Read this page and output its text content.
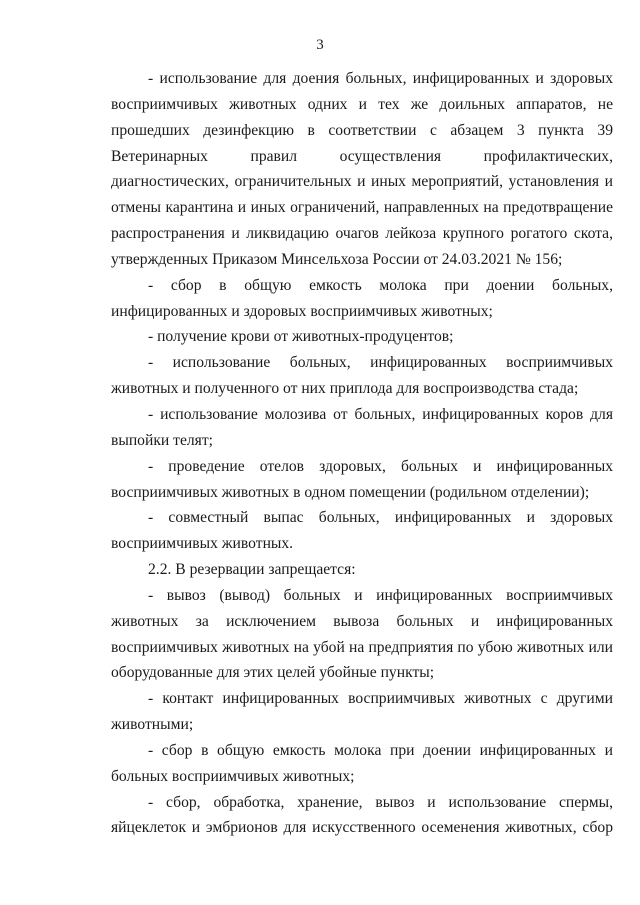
3

- использование для доения больных, инфицированных и здоровых восприимчивых животных одних и тех же доильных аппаратов, не прошедших дезинфекцию в соответствии с абзацем 3 пункта 39 Ветеринарных правил осуществления профилактических, диагностических, ограничительных и иных мероприятий, установления и отмены карантина и иных ограничений, направленных на предотвращение распространения и ликвидацию очагов лейкоза крупного рогатого скота, утвержденных Приказом Минсельхоза России от 24.03.2021 № 156;

- сбор в общую емкость молока при доении больных, инфицированных и здоровых восприимчивых животных;

- получение крови от животных-продуцентов;

- использование больных, инфицированных восприимчивых животных и полученного от них приплода для воспроизводства стада;

- использование молозива от больных, инфицированных коров для выпойки телят;

- проведение отелов здоровых, больных и инфицированных восприимчивых животных в одном помещении (родильном отделении);

- совместный выпас больных, инфицированных и здоровых восприимчивых животных.

2.2. В резервации запрещается:

- вывоз (вывод) больных и инфицированных восприимчивых животных за исключением вывоза больных и инфицированных восприимчивых животных на убой на предприятия по убою животных или оборудованные для этих целей убойные пункты;

- контакт инфицированных восприимчивых животных с другими животными;

- сбор в общую емкость молока при доении инфицированных и больных восприимчивых животных;

- сбор, обработка, хранение, вывоз и использование спермы, яйцеклеток и эмбрионов для искусственного осеменения животных, сбор
